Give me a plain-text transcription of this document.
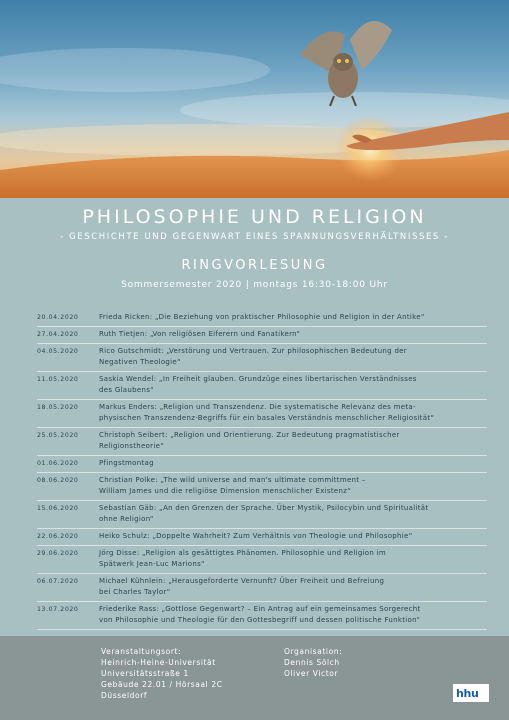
PHILOSOPHIE UND RELIGION
- GESCHICHTE UND GEGENWART EINES SPANNUNGSVERHÄLTNISSES -
RINGVORLESUNG
Sommersemester 2020 | montags 16:30-18:00 Uhr
20.04.2020	Frieda Ricken: „Die Beziehung von praktischer Philosophie und Religion in der Antike“
27.04.2020	Ruth Tietjen: „Von religiösen Eiferern und Fanatikern“
04.05.2020	Rico Gutschmidt: „Verstörung und Vertrauen. Zur philosophischen Bedeutung der
Negativen Theologie“
11.05.2020	Saskia Wendel: „In Freiheit glauben. Grundzüge eines libertarischen Verständnisses
des Glaubens“
18.05.2020	Markus Enders: „Religion und Transzendenz. Die systematische Relevanz des meta-
physischen Transzendenz-Begriffs für ein basales Verständnis menschlicher Religiosität“
25.05.2020	Christoph Seibert: „Religion und Orientierung. Zur Bedeutung pragmatistischer
Religionstheorie“
01.06.2020	Pfingstmontag
08.06.2020	Christian Polke: „The wild universe and man's ultimate committment –
William James und die religiöse Dimension menschlicher Existenz“
15.06.2020	Sebastian Gäb: „An den Grenzen der Sprache. Über Mystik, Psilocybin und Spiritualität
ohne Religion“
22.06.2020	Heiko Schulz: „Doppelte Wahrheit? Zum Verhältnis von Theologie und Philosophie“
29.06.2020	Jörg Disse: „Religion als gesättigtes Phänomen. Philosophie und Religion im
Spätwerk Jean-Luc Marions“
06.07.2020	Michael Kühnlein: „Herausgeforderte Vernunft? Über Freiheit und Befreiung
bei Charles Taylor“
13.07.2020	Friederike Rass: „Gottlose Gegenwart? – Ein Antrag auf ein gemeinsames Sorgerecht
von Philosophie und Theologie für den Gottesbegriff und dessen politische Funktion“
Veranstaltungsort:
Heinrich-Heine-Universität
Universitätsstraße 1
Gebäude 22.01 / Hörsaal 2C
Düsseldorf
Organisation:
Dennis Sölch
Oliver Victor
hhu
